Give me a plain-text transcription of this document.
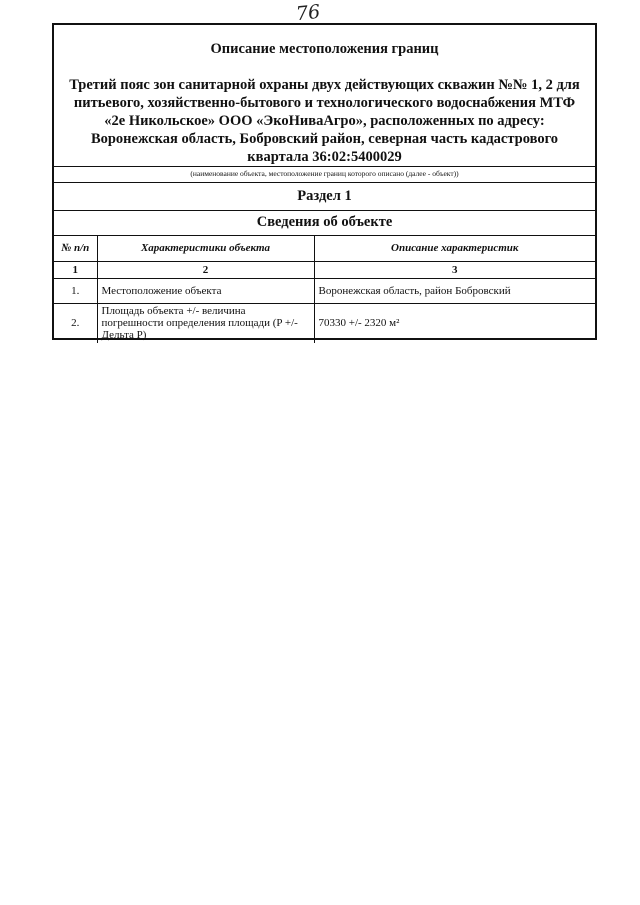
76
Описание местоположения границ
Третий пояс зон санитарной охраны двух действующих скважин №№ 1, 2 для
питьевого, хозяйственно-бытового и технологического водоснабжения МТФ
«2е Никольское» ООО «ЭкоНиваАгро», расположенных по адресу:
Воронежская область, Бобровский район, северная часть кадастрового
квартала 36:02:5400029
(наименование объекта, местоположение границ которого описано (далее - объект))
Раздел 1
Сведения об объекте
№ п/п	Характеристики объекта	Описание характеристик
1	2	3
1.	Местоположение объекта	Воронежская область, район Бобровский
2.	Площадь объекта +/- величина погрешности определения площади (P +/- Дельта P)	70330 +/- 2320 м²
